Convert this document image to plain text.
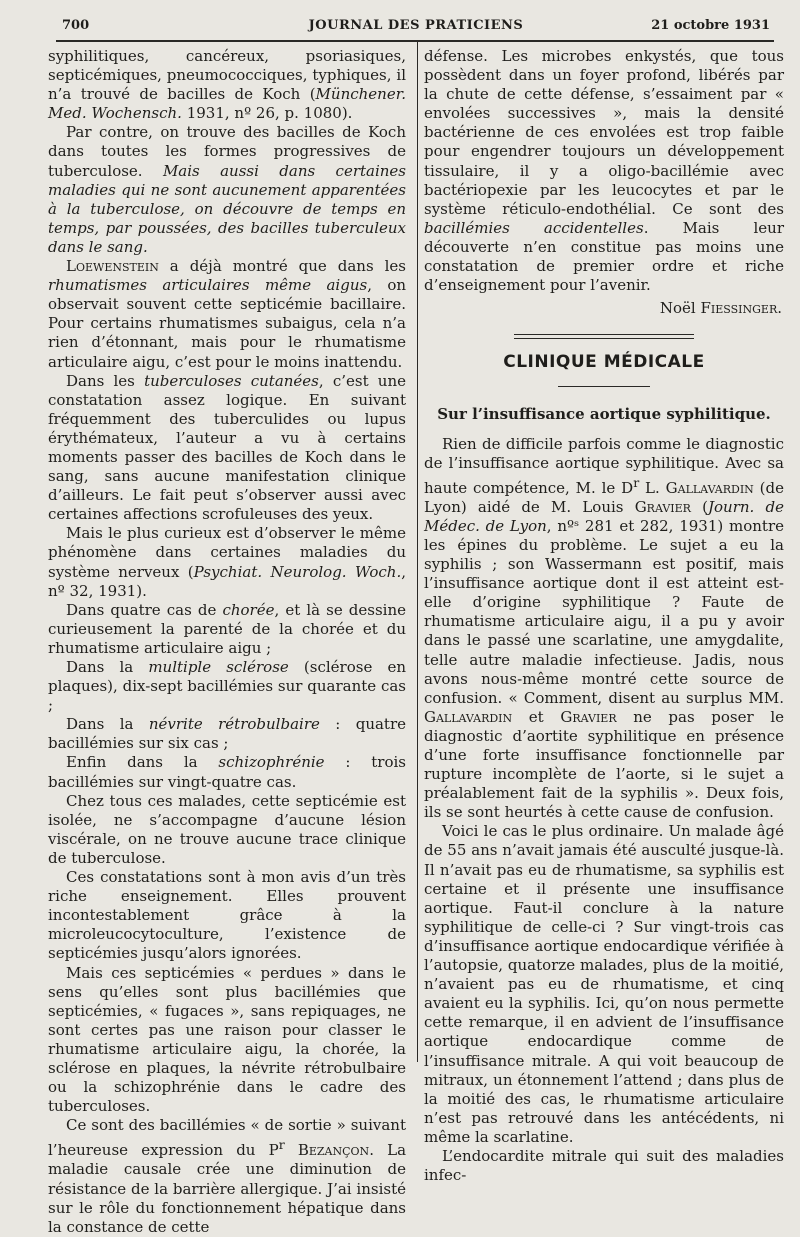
700	JOURNAL DES PRATICIENS	21 octobre 1931

syphilitiques, cancéreux, psoriasiques, septicémiques, pneumococciques, typhiques, il n’a trouvé de bacilles de Koch (Münchener. Med. Wochensch. 1931, nº 26, p. 1080).

Par contre, on trouve des bacilles de Koch dans toutes les formes progressives de tuberculose. Mais aussi dans certaines maladies qui ne sont aucunement apparentées à la tuberculose, on découvre de temps en temps, par poussées, des bacilles tuberculeux dans le sang.

Loewenstein a déjà montré que dans les rhumatismes articulaires même aigus, on observait souvent cette septicémie bacillaire. Pour certains rhumatismes subaigus, cela n’a rien d’étonnant, mais pour le rhumatisme articulaire aigu, c’est pour le moins inattendu.

Dans les tuberculoses cutanées, c’est une constatation assez logique. En suivant fréquemment des tuberculides ou lupus érythémateux, l’auteur a vu à certains moments passer des bacilles de Koch dans le sang, sans aucune manifestation clinique d’ailleurs. Le fait peut s’observer aussi avec certaines affections scrofuleuses des yeux.

Mais le plus curieux est d’observer le même phénomène dans certaines maladies du système nerveux (Psychiat. Neurolog. Woch., nº 32, 1931).

Dans quatre cas de chorée, et là se dessine curieusement la parenté de la chorée et du rhumatisme articulaire aigu ;

Dans la multiple sclérose (sclérose en plaques), dix-sept bacillémies sur quarante cas ;

Dans la névrite rétrobulbaire : quatre bacillémies sur six cas ;

Enfin dans la schizophrénie : trois bacillémies sur vingt-quatre cas.

Chez tous ces malades, cette septicémie est isolée, ne s’accompagne d’aucune lésion viscérale, on ne trouve aucune trace clinique de tuberculose.

Ces constatations sont à mon avis d’un très riche enseignement. Elles prouvent incontestablement grâce à la microleucocytoculture, l’existence de septicémies jusqu’alors ignorées.

Mais ces septicémies « perdues » dans le sens qu’elles sont plus bacillémies que septicémies, « fugaces », sans repiquages, ne sont certes pas une raison pour classer le rhumatisme articulaire aigu, la chorée, la sclérose en plaques, la névrite rétrobulbaire ou la schizophrénie dans le cadre des tuberculoses.

Ce sont des bacillémies « de sortie » suivant l’heureuse expression du $P^r$ Bezançon. La maladie causale crée une diminution de résistance de la barrière allergique. J’ai insisté sur le rôle du fonctionnement hépatique dans la constance de cette

défense. Les microbes enkystés, que tous possèdent dans un foyer profond, libérés par la chute de cette défense, s’essaiment par « envolées successives », mais la densité bactérienne de ces envolées est trop faible pour engendrer toujours un développement tissulaire, il y a oligo-bacillémie avec bactériopexie par les leucocytes et par le système réticulo-endothélial. Ce sont des bacillémies accidentelles. Mais leur découverte n’en constitue pas moins une constatation de premier ordre et riche d’enseignement pour l’avenir.

Noël Fiessinger.

CLINIQUE MÉDICALE
Sur l’insuffisance aortique syphilitique.

Rien de difficile parfois comme le diagnostic de l’insuffisance aortique syphilitique. Avec sa haute compétence, M. le $D^r$ L. Gallavardin (de Lyon) aidé de M. Louis Gravier (Journ. de Médec. de Lyon, nºˢ 281 et 282, 1931) montre les épines du problème. Le sujet a eu la syphilis ; son Wassermann est positif, mais l’insuffisance aortique dont il est atteint est-elle d’origine syphilitique ? Faute de rhumatisme articulaire aigu, il a pu y avoir dans le passé une scarlatine, une amygdalite, telle autre maladie infectieuse. Jadis, nous avons nous-même montré cette source de confusion. « Comment, disent au surplus MM. Gallavardin et Gravier ne pas poser le diagnostic d’aortite syphilitique en présence d’une forte insuffisance fonctionnelle par rupture incomplète de l’aorte, si le sujet a préalablement fait de la syphilis ». Deux fois, ils se sont heurtés à cette cause de confusion.

Voici le cas le plus ordinaire. Un malade âgé de 55 ans n’avait jamais été ausculté jusque-là. Il n’avait pas eu de rhumatisme, sa syphilis est certaine et il présente une insuffisance aortique. Faut-il conclure à la nature syphilitique de celle-ci ? Sur vingt-trois cas d’insuffisance aortique endocardique vérifiée à l’autopsie, quatorze malades, plus de la moitié, n’avaient pas eu de rhumatisme, et cinq avaient eu la syphilis. Ici, qu’on nous permette cette remarque, il en advient de l’insuffisance aortique endocardique comme de l’insuffisance mitrale. A qui voit beaucoup de mitraux, un étonnement l’attend ; dans plus de la moitié des cas, le rhumatisme articulaire n’est pas retrouvé dans les antécédents, ni même la scarlatine.

L’endocardite mitrale qui suit des maladies infec-
